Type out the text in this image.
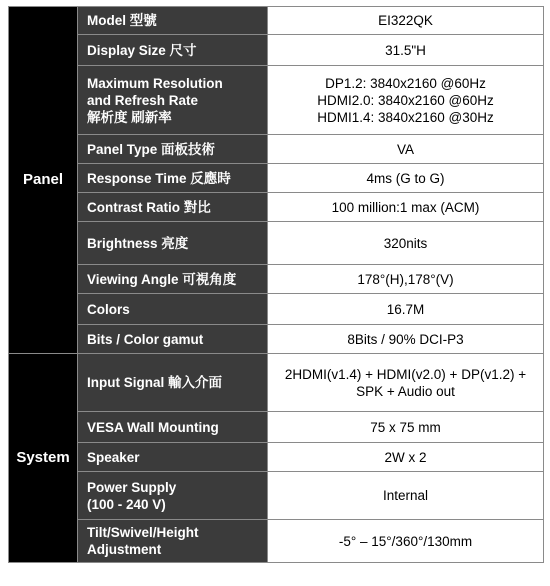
Panel	Model 型號	EI322QK
	Display Size 尺寸	31.5"H
	Maximum Resolution
and Refresh Rate
解析度 刷新率	DP1.2: 3840x2160 @60Hz
HDMI2.0: 3840x2160 @60Hz
HDMI1.4: 3840x2160 @30Hz
	Panel Type 面板技術	VA
	Response Time 反應時	4ms (G to G)
	Contrast Ratio 對比	100 million:1 max (ACM)
	Brightness 亮度	320nits
	Viewing Angle 可視角度	178°(H),178°(V)
	Colors	16.7M
	Bits / Color gamut	8Bits / 90% DCI-P3
System	Input Signal 輸入介面	2HDMI(v1.4) + HDMI(v2.0) + DP(v1.2) +
SPK + Audio out
	VESA Wall Mounting	75 x 75 mm
	Speaker	2W x 2
	Power Supply
(100 - 240 V)	Internal
	Tilt/Swivel/Height
Adjustment	-5° – 15°/360°/130mm
